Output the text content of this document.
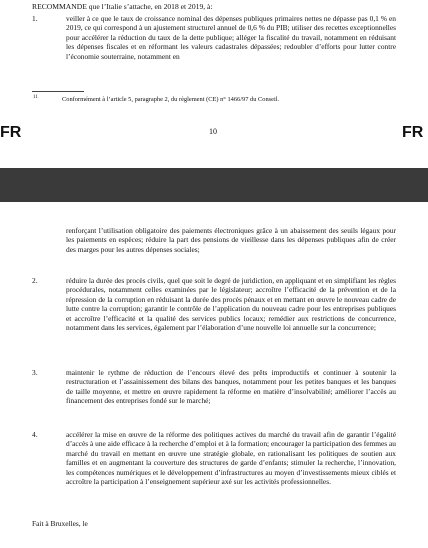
RECOMMANDE que l’Italie s’attache, en 2018 et 2019, à:
1.	veiller à ce que le taux de croissance nominal des dépenses publiques primaires nettes ne dépasse pas 0,1 % en 2019, ce qui correspond à un ajustement structurel annuel de 0,6 % du PIB; utiliser des recettes exceptionnelles pour accélérer la réduction du taux de la dette publique; alléger la fiscalité du travail, notamment en réduisant les dépenses fiscales et en réformant les valeurs cadastrales dépassées; redoubler d’efforts pour lutter contre l’économie souterraine, notamment en
11	Conformément à l’article 5, paragraphe 2, du règlement (CE) n° 1466/97 du Conseil.
FR	10	FR
renforçant l’utilisation obligatoire des paiements électroniques grâce à un abaissement des seuils légaux pour les paiements en espèces; réduire la part des pensions de vieillesse dans les dépenses publiques afin de créer des marges pour les autres dépenses sociales;
2.	réduire la durée des procès civils, quel que soit le degré de juridiction, en appliquant et en simplifiant les règles procédurales, notamment celles examinées par le législateur; accroître l’efficacité de la prévention et de la répression de la corruption en réduisant la durée des procès pénaux et en mettant en œuvre le nouveau cadre de lutte contre la corruption; garantir le contrôle de l’application du nouveau cadre pour les entreprises publiques et accroître l’efficacité et la qualité des services publics locaux; remédier aux restrictions de concurrence, notamment dans les services, également par l’élaboration d’une nouvelle loi annuelle sur la concurrence;
3.	maintenir le rythme de réduction de l’encours élevé des prêts improductifs et continuer à soutenir la restructuration et l’assainissement des bilans des banques, notamment pour les petites banques et les banques de taille moyenne, et mettre en œuvre rapidement la réforme en matière d’insolvabilité; améliorer l’accès au financement des entreprises fondé sur le marché;
4.	accélérer la mise en œuvre de la réforme des politiques actives du marché du travail afin de garantir l’égalité d’accès à une aide efficace à la recherche d’emploi et à la formation; encourager la participation des femmes au marché du travail en mettant en œuvre une stratégie globale, en rationalisant les politiques de soutien aux familles et en augmentant la couverture des structures de garde d’enfants; stimuler la recherche, l’innovation, les compétences numériques et le développement d’infrastructures au moyen d’investissements mieux ciblés et accroître la participation à l’enseignement supérieur axé sur les activités professionnelles.
Fait à Bruxelles, le
